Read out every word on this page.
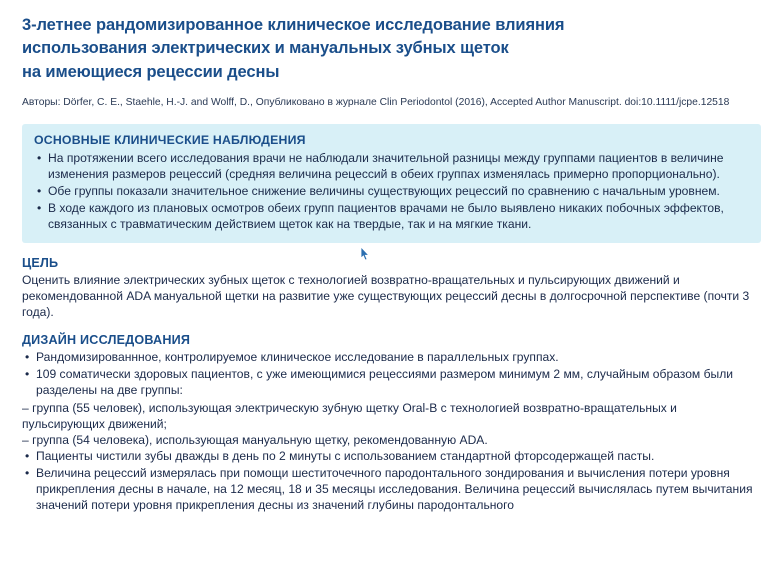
3-летнее рандомизированное клиническое исследование влияния
использования электрических и мануальных зубных щеток
на имеющиеся рецессии десны
Авторы: Dörfer, C. E., Staehle, H.-J. and Wolff, D., Опубликовано в журнале Clin Periodontol (2016), Accepted Author Manuscript. doi:10.1111/jcpe.12518
ОСНОВНЫЕ КЛИНИЧЕСКИЕ НАБЛЮДЕНИЯ
• На протяжении всего исследования врачи не наблюдали значительной разницы между группами пациентов в величине изменения размеров рецессий (средняя величина рецессий в обеих группах изменялась примерно пропорционально).
• Обе группы показали значительное снижение величины существующих рецессий по сравнению с начальным уровнем.
• В ходе каждого из плановых осмотров обеих групп пациентов врачами не было выявлено никаких побочных эффектов, связанных с травматическим действием щеток как на твердые, так и на мягкие ткани.
ЦЕЛЬ
Оценить влияние электрических зубных щеток с технологией возвратно-вращательных и пульсирующих движений и рекомендованной ADA мануальной щетки на развитие уже существующих рецессий десны в долгосрочной перспективе (почти 3 года).
ДИЗАЙН ИССЛЕДОВАНИЯ
• Рандомизированнное, контролируемое клиническое исследование в параллельных группах.
• 109 соматически здоровых пациентов, с уже имеющимися рецессиями размером минимум 2 мм, случайным образом были разделены на две группы:
– группа (55 человек), использующая электрическую зубную щетку Oral-B с технологией возвратно-вращательных и пульсирующих движений;
– группа (54 человека), использующая мануальную щетку, рекомендованную ADA.
• Пациенты чистили зубы дважды в день по 2 минуты с использованием стандартной фторсодержащей пасты.
• Величина рецессий измерялась при помощи шеститочечного пародонтального зондирования и вычисления потери уровня прикрепления десны в начале, на 12 месяц, 18 и 35 месяцы исследования. Величина рецессий вычислялась путем вычитания значений потери уровня прикрепления десны из значений глубины пародонтального
